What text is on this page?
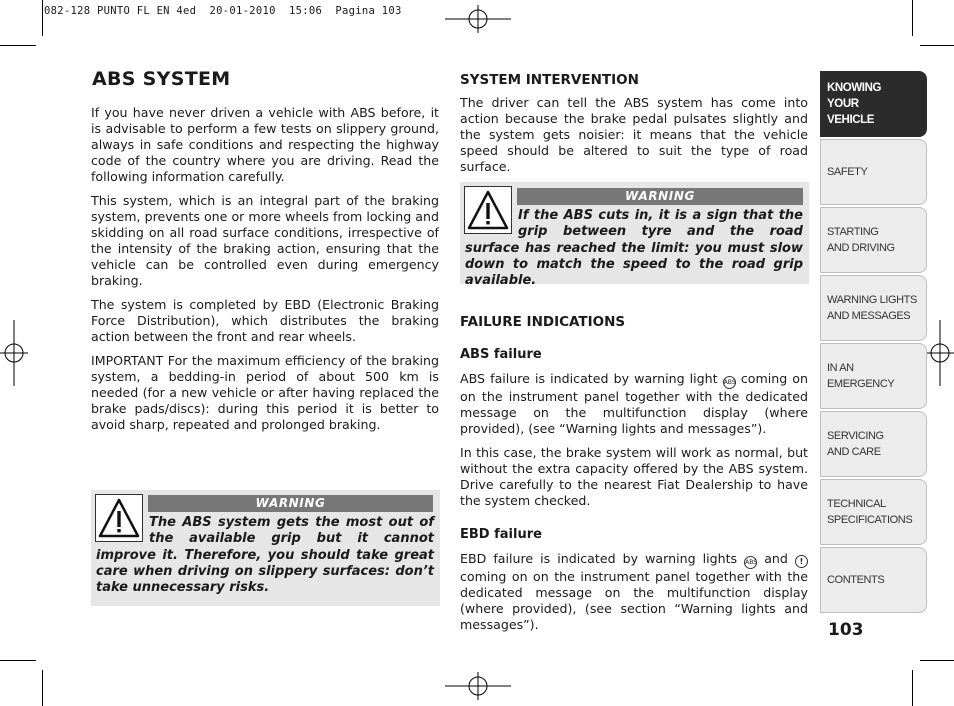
082-128 PUNTO FL EN 4ed  20-01-2010  15:06  Pagina 103
ABS SYSTEM

If you have never driven a vehicle with ABS before, it is advisable to perform a few tests on slippery ground, always in safe conditions and respecting the highway code of the country where you are driving. Read the following information carefully.

This system, which is an integral part of the braking system, prevents one or more wheels from locking and skidding on all road surface conditions, irrespective of the intensity of the braking action, ensuring that the vehicle can be controlled even during emergency braking.

The system is completed by EBD (Electronic Braking Force Distribution), which distributes the braking action between the front and rear wheels.

IMPORTANT For the maximum efficiency of the braking system, a bedding-in period of about 500 km is needed (for a new vehicle or after having replaced the brake pads/discs): during this period it is better to avoid sharp, repeated and prolonged braking.

WARNING
The ABS system gets the most out of the available grip but it cannot improve it. Therefore, you should take great care when driving on slippery surfaces: don’t take unnecessary risks.

SYSTEM INTERVENTION

The driver can tell the ABS system has come into action because the brake pedal pulsates slightly and the system gets noisier: it means that the vehicle speed should be altered to suit the type of road surface.

WARNING
If the ABS cuts in, it is a sign that the grip between tyre and the road surface has reached the limit: you must slow down to match the speed to the road grip available.

FAILURE INDICATIONS

ABS failure

ABS failure is indicated by warning light ABS coming on on the instrument panel together with the dedicated message on the multifunction display (where provided), (see “Warning lights and messages”).

In this case, the brake system will work as normal, but without the extra capacity offered by the ABS system. Drive carefully to the nearest Fiat Dealership to have the system checked.

EBD failure

EBD failure is indicated by warning lights ABS and ! coming on on the instrument panel together with the dedicated message on the multifunction display (where provided), (see section “Warning lights and messages”).

KNOWING
YOUR
VEHICLE
SAFETY
STARTING
AND DRIVING
WARNING LIGHTS
AND MESSAGES
IN AN
EMERGENCY
SERVICING
AND CARE
TECHNICAL
SPECIFICATIONS
CONTENTS
103
